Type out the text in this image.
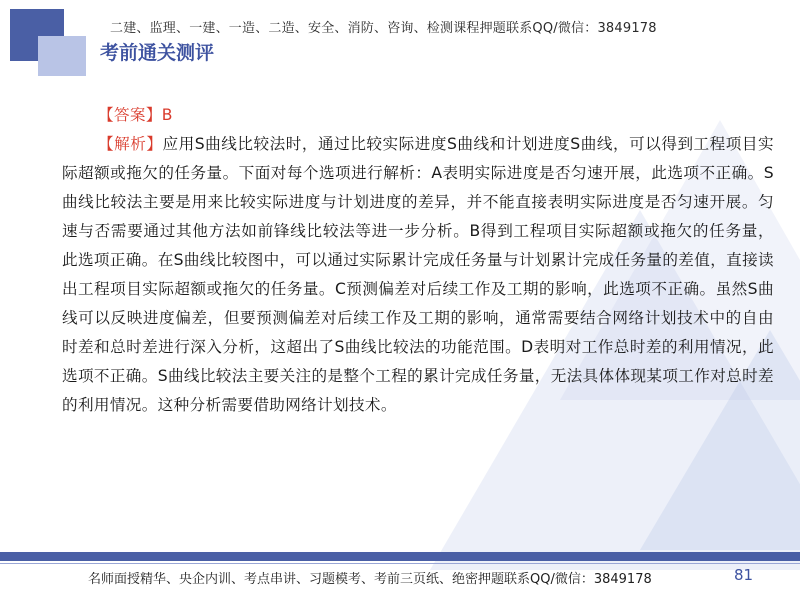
二建、监理、一建、一造、二造、安全、消防、咨询、检测课程押题联系QQ/微信：3849178
考前通关测评

【答案】B

【解析】应用S曲线比较法时，通过比较实际进度S曲线和计划进度S曲线，可以得到工程项目实际超额或拖欠的任务量。下面对每个选项进行解析：A表明实际进度是否匀速开展，此选项不正确。S曲线比较法主要是用来比较实际进度与计划进度的差异，并不能直接表明实际进度是否匀速开展。匀速与否需要通过其他方法如前锋线比较法等进一步分析。B得到工程项目实际超额或拖欠的任务量，此选项正确。在S曲线比较图中，可以通过实际累计完成任务量与计划累计完成任务量的差值，直接读出工程项目实际超额或拖欠的任务量。C预测偏差对后续工作及工期的影响，此选项不正确。虽然S曲线可以反映进度偏差，但要预测偏差对后续工作及工期的影响，通常需要结合网络计划技术中的自由时差和总时差进行深入分析，这超出了S曲线比较法的功能范围。D表明对工作总时差的利用情况，此选项不正确。S曲线比较法主要关注的是整个工程的累计完成任务量，无法具体体现某项工作对总时差的利用情况。这种分析需要借助网络计划技术。

名师面授精华、央企内训、考点串讲、习题模考、考前三页纸、绝密押题联系QQ/微信：3849178	81
